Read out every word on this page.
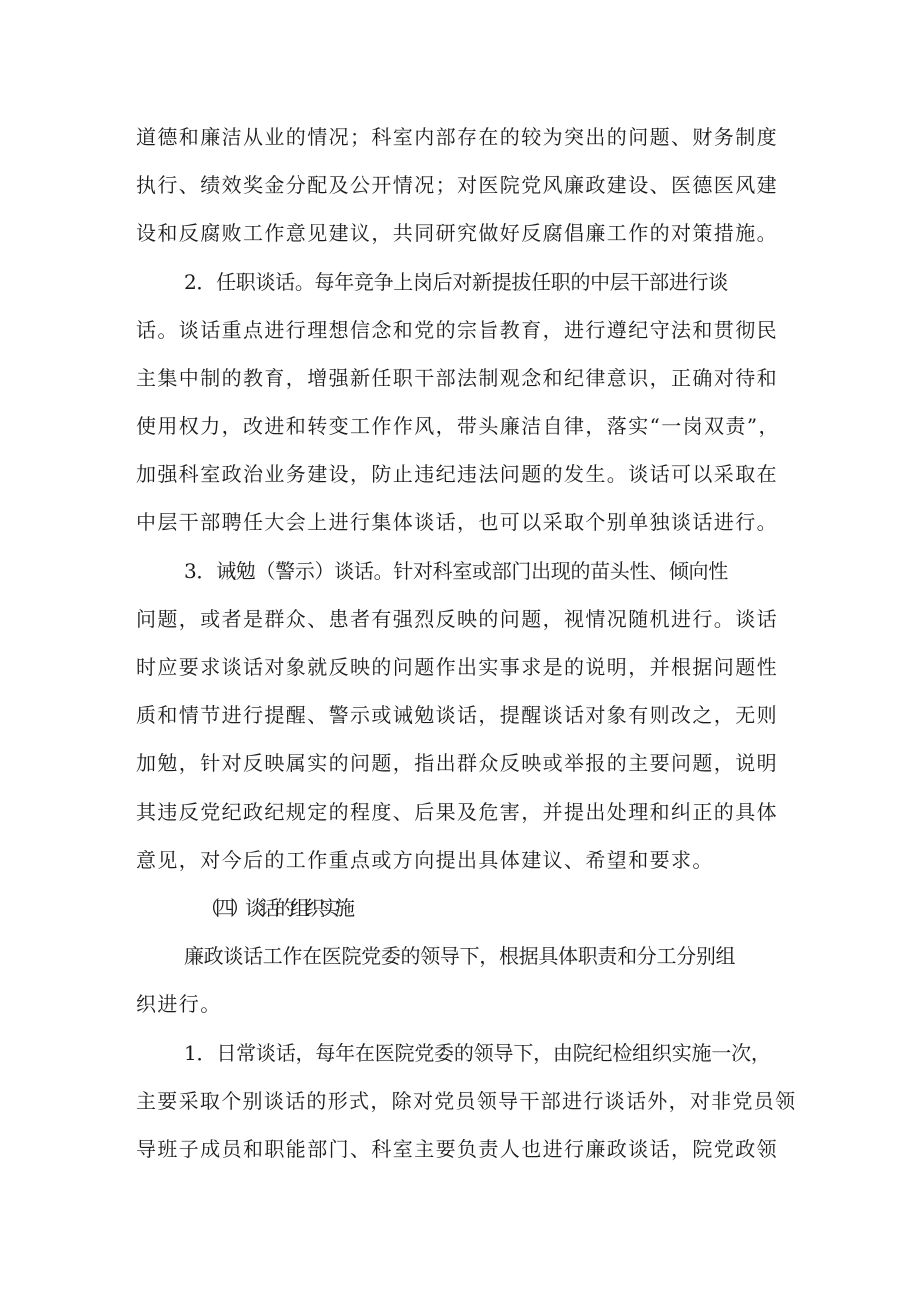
道德和廉洁从业的情况；科室内部存在的较为突出的问题、财务制度
执行、绩效奖金分配及公开情况；对医院党风廉政建设、医德医风建
设和反腐败工作意见建议，共同研究做好反腐倡廉工作的对策措施。
2．任职谈话。每年竞争上岗后对新提拔任职的中层干部进行谈
话。谈话重点进行理想信念和党的宗旨教育，进行遵纪守法和贯彻民
主集中制的教育，增强新任职干部法制观念和纪律意识，正确对待和
使用权力，改进和转变工作作风，带头廉洁自律，落实“一岗双责”，
加强科室政治业务建设，防止违纪违法问题的发生。谈话可以采取在
中层干部聘任大会上进行集体谈话，也可以采取个别单独谈话进行。
3．诫勉（警示）谈话。针对科室或部门出现的苗头性、倾向性
问题，或者是群众、患者有强烈反映的问题，视情况随机进行。谈话
时应要求谈话对象就反映的问题作出实事求是的说明，并根据问题性
质和情节进行提醒、警示或诫勉谈话，提醒谈话对象有则改之，无则
加勉，针对反映属实的问题，指出群众反映或举报的主要问题，说明
其违反党纪政纪规定的程度、后果及危害，并提出处理和纠正的具体
意见，对今后的工作重点或方向提出具体建议、希望和要求。
（四）谈话的组织实施
廉政谈话工作在医院党委的领导下，根据具体职责和分工分别组
织进行。
1．日常谈话，每年在医院党委的领导下，由院纪检组织实施一次，
主要采取个别谈话的形式，除对党员领导干部进行谈话外，对非党员领
导班子成员和职能部门、科室主要负责人也进行廉政谈话，院党政领
